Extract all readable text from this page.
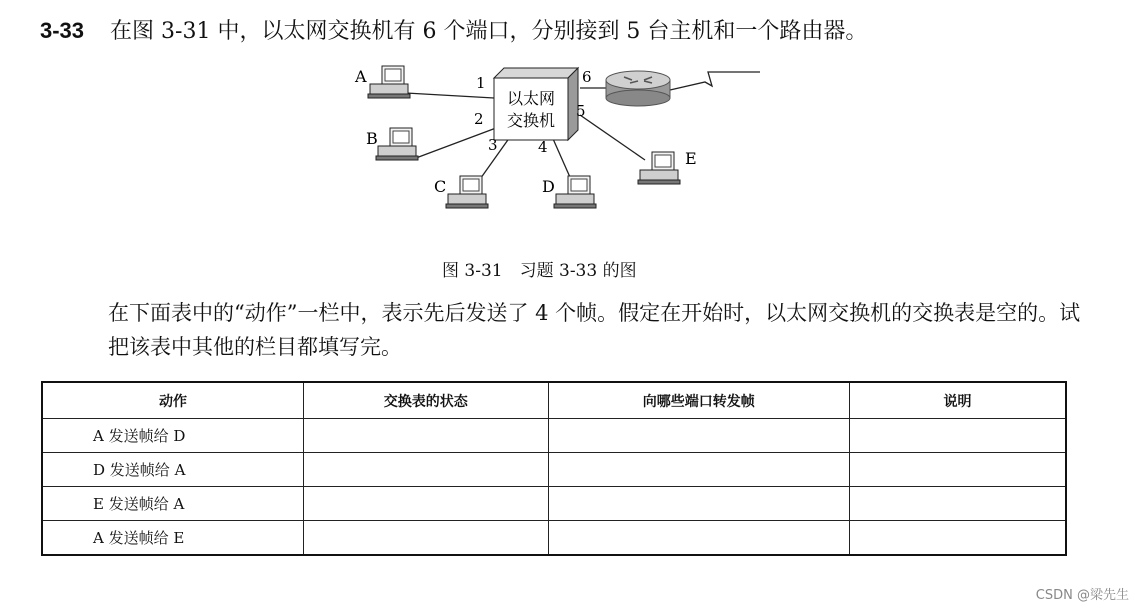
3-33 在图 3-31 中，以太网交换机有 6 个端口，分别接到 5 台主机和一个路由器。
以太网
交换机
A
B
C	D
E
1
2
3	4
5
6
图 3-31　习题 3-33 的图
在下面表中的“动作”一栏中，表示先后发送了 4 个帧。假定在开始时，以太网交换机的交换表是空的。试把该表中其他的栏目都填写完。
动作	交换表的状态	向哪些端口转发帧	说明
A 发送帧给 D			
D 发送帧给 A			
E 发送帧给 A			
A 发送帧给 E			
CSDN @梁先生
